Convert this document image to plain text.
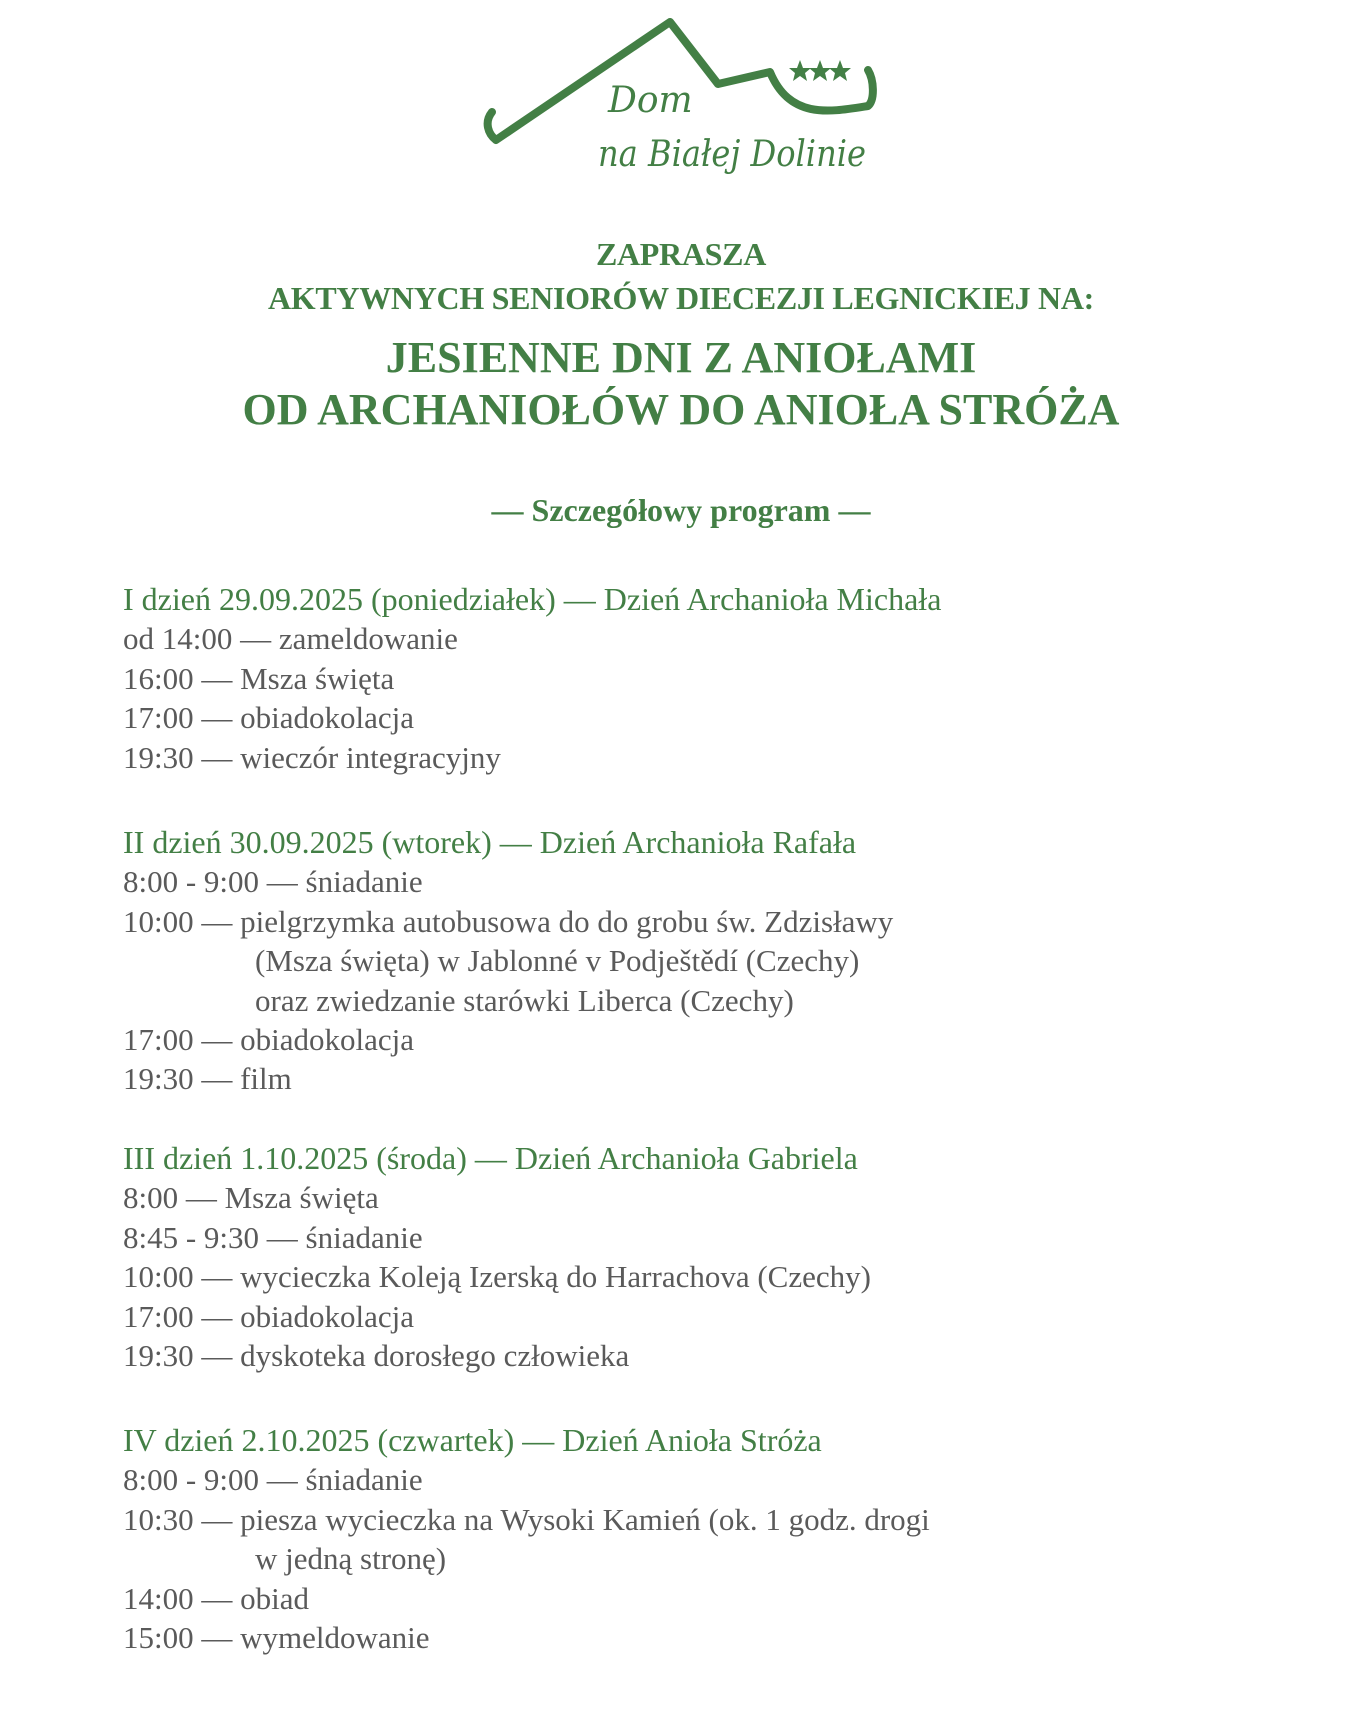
Dom
na Białej Dolinie
ZAPRASZA
AKTYWNYCH SENIORÓW DIECEZJI LEGNICKIEJ NA:
JESIENNE DNI Z ANIOŁAMI
OD ARCHANIOŁÓW DO ANIOŁA STRÓŻA
— Szczegółowy program —
I dzień 29.09.2025 (poniedziałek) — Dzień Archanioła Michała
od 14:00 — zameldowanie
16:00 — Msza święta
17:00 — obiadokolacja
19:30 — wieczór integracyjny
II dzień 30.09.2025 (wtorek) — Dzień Archanioła Rafała
8:00 - 9:00 — śniadanie
10:00 — pielgrzymka autobusowa do do grobu św. Zdzisławy
(Msza święta) w Jablonné v Podještědí (Czechy)
oraz zwiedzanie starówki Liberca (Czechy)
17:00 — obiadokolacja
19:30 — film
III dzień 1.10.2025 (środa) — Dzień Archanioła Gabriela
8:00 — Msza święta
8:45 - 9:30 — śniadanie
10:00 — wycieczka Koleją Izerską do Harrachova (Czechy)
17:00 — obiadokolacja
19:30 — dyskoteka dorosłego człowieka
IV dzień 2.10.2025 (czwartek) — Dzień Anioła Stróża
8:00 - 9:00 — śniadanie
10:30 — piesza wycieczka na Wysoki Kamień (ok. 1 godz. drogi
w jedną stronę)
14:00 — obiad
15:00 — wymeldowanie
